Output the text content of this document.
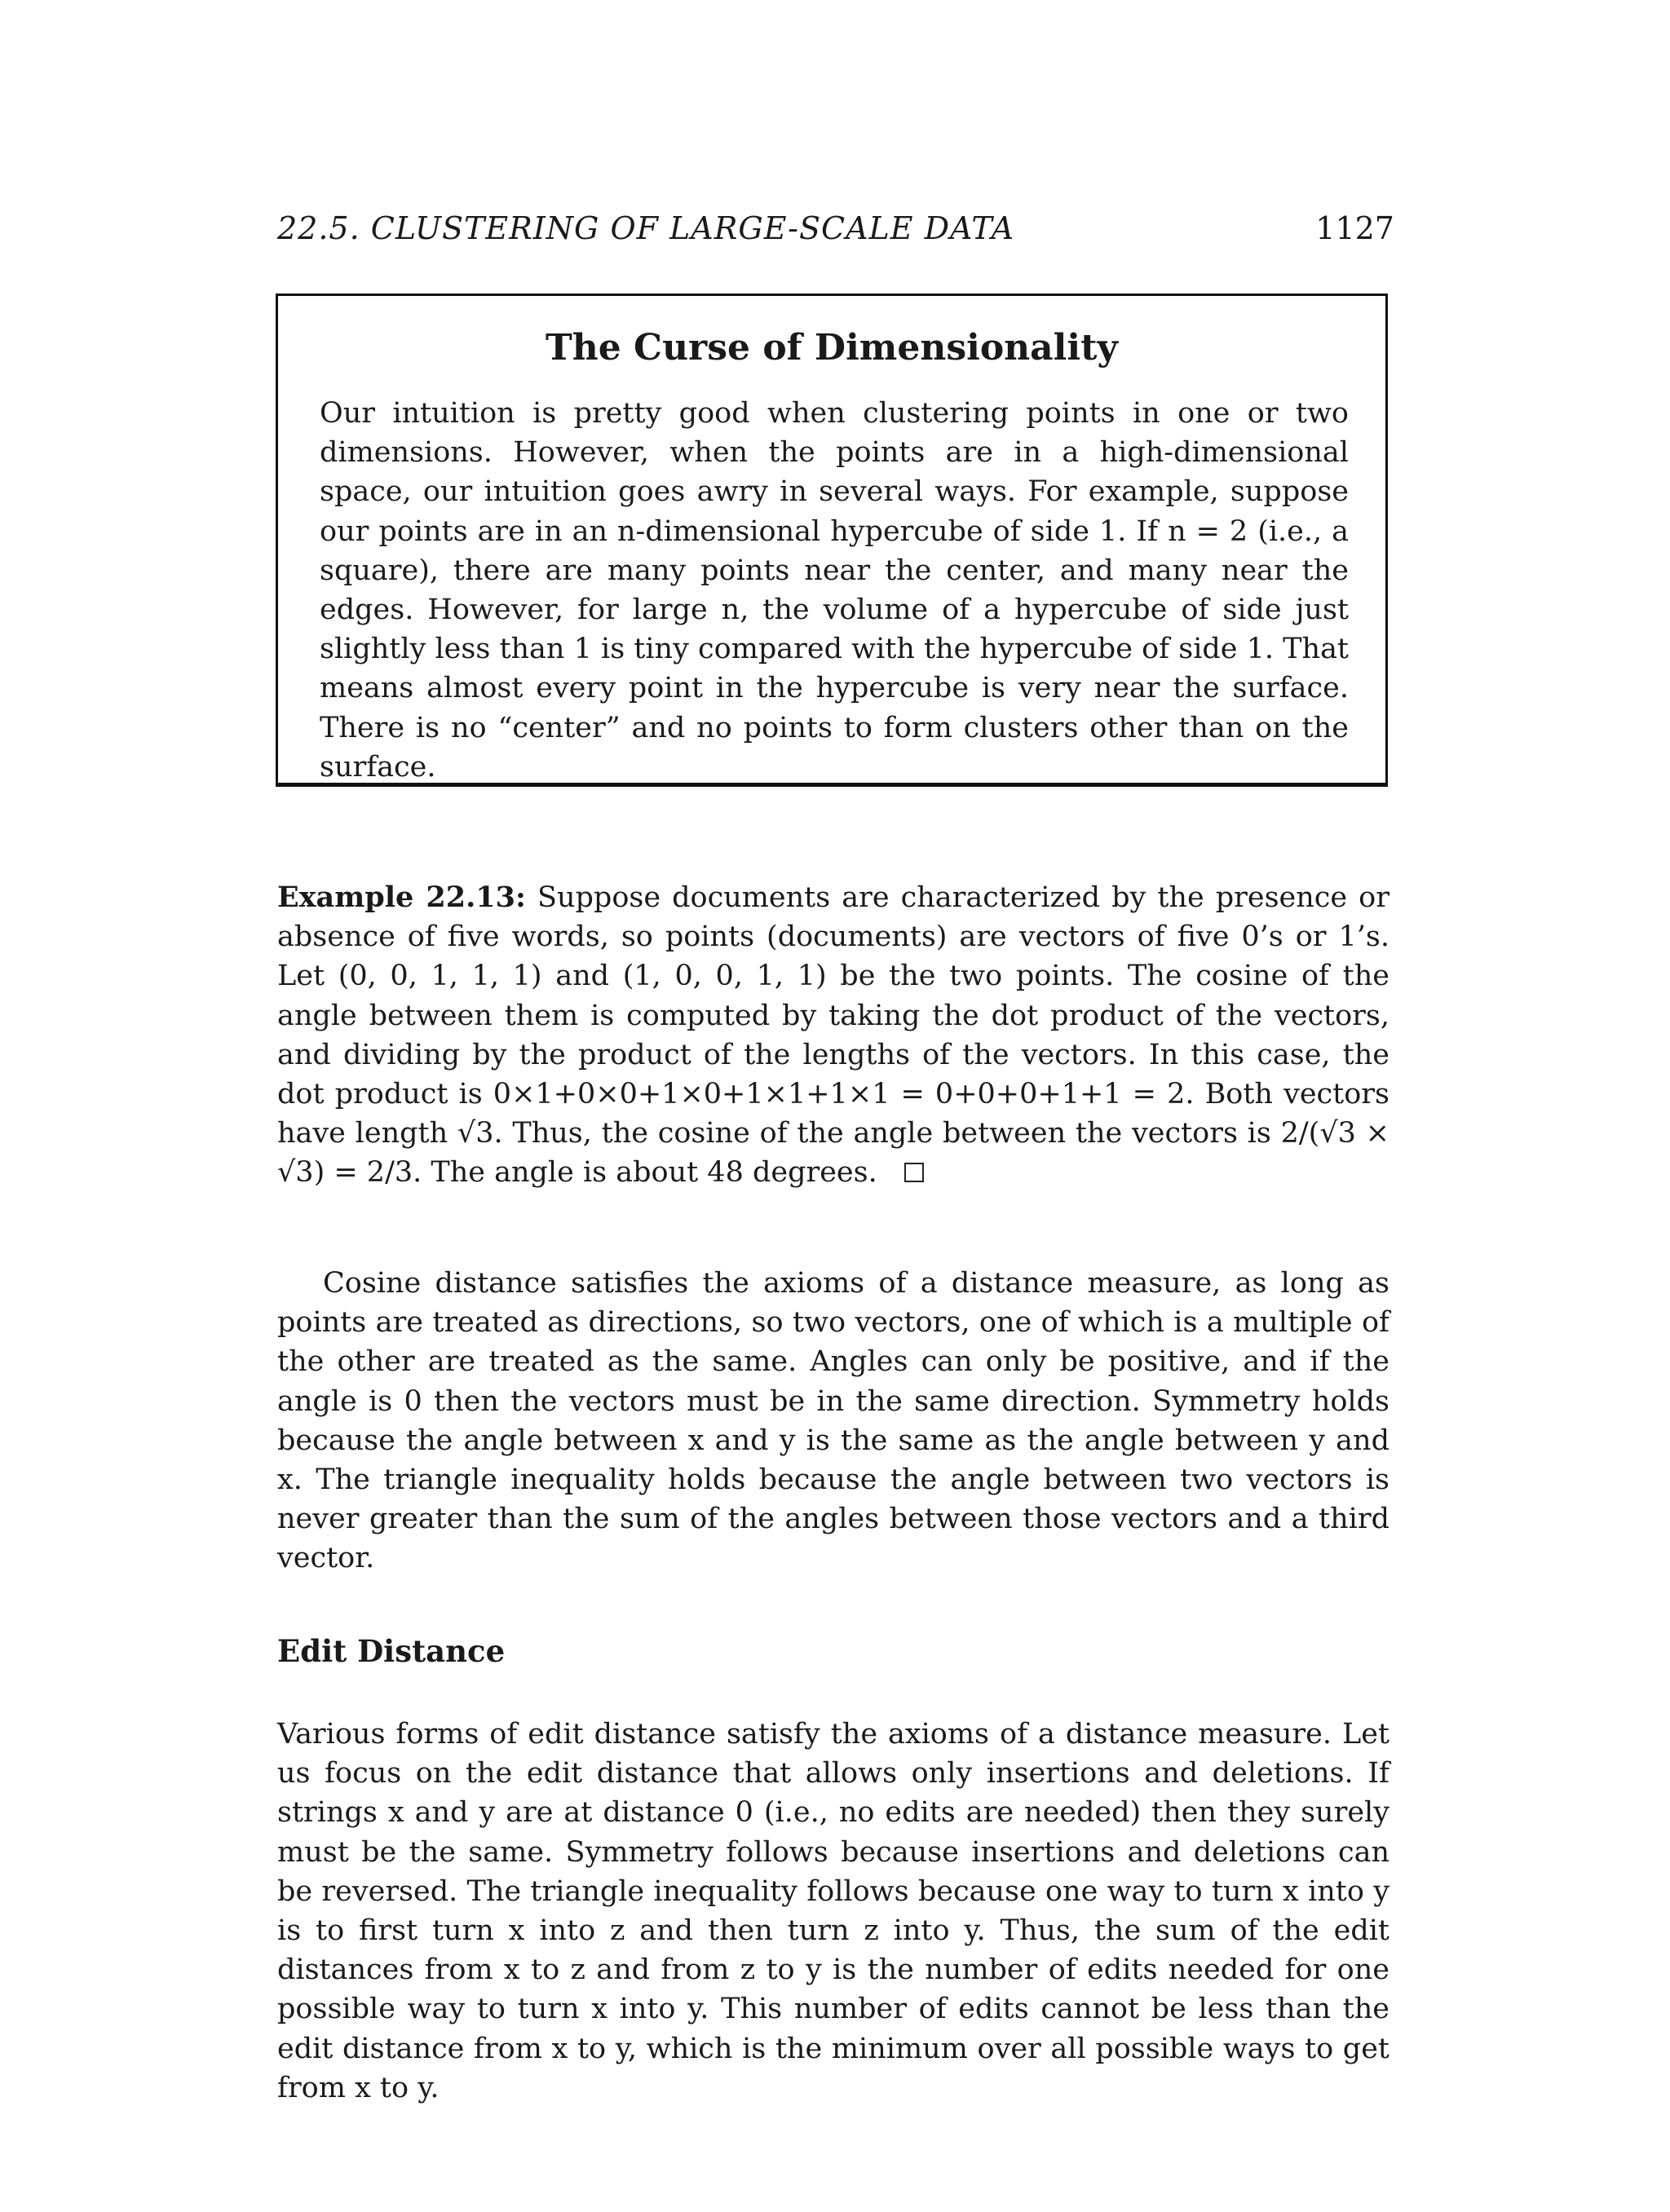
22.5. CLUSTERING OF LARGE-SCALE DATA	1127
The Curse of Dimensionality
Our intuition is pretty good when clustering points in one or two dimensions. However, when the points are in a high-dimensional space, our intuition goes awry in several ways. For example, suppose our points are in an n-dimensional hypercube of side 1. If n = 2 (i.e., a square), there are many points near the center, and many near the edges. However, for large n, the volume of a hypercube of side just slightly less than 1 is tiny compared with the hypercube of side 1. That means almost every point in the hypercube is very near the surface. There is no “center” and no points to form clusters other than on the surface.
Example 22.13: Suppose documents are characterized by the presence or absence of five words, so points (documents) are vectors of five 0’s or 1’s. Let (0, 0, 1, 1, 1) and (1, 0, 0, 1, 1) be the two points. The cosine of the angle between them is computed by taking the dot product of the vectors, and dividing by the product of the lengths of the vectors. In this case, the dot product is 0×1+0×0+1×0+1×1+1×1 = 0+0+0+1+1 = 2. Both vectors have length √3. Thus, the cosine of the angle between the vectors is 2/(√3 × √3) = 2/3. The angle is about 48 degrees.
Cosine distance satisfies the axioms of a distance measure, as long as points are treated as directions, so two vectors, one of which is a multiple of the other are treated as the same. Angles can only be positive, and if the angle is 0 then the vectors must be in the same direction. Symmetry holds because the angle between x and y is the same as the angle between y and x. The triangle inequality holds because the angle between two vectors is never greater than the sum of the angles between those vectors and a third vector.
Edit Distance
Various forms of edit distance satisfy the axioms of a distance measure. Let us focus on the edit distance that allows only insertions and deletions. If strings x and y are at distance 0 (i.e., no edits are needed) then they surely must be the same. Symmetry follows because insertions and deletions can be reversed. The triangle inequality follows because one way to turn x into y is to first turn x into z and then turn z into y. Thus, the sum of the edit distances from x to z and from z to y is the number of edits needed for one possible way to turn x into y. This number of edits cannot be less than the edit distance from x to y, which is the minimum over all possible ways to get from x to y.
